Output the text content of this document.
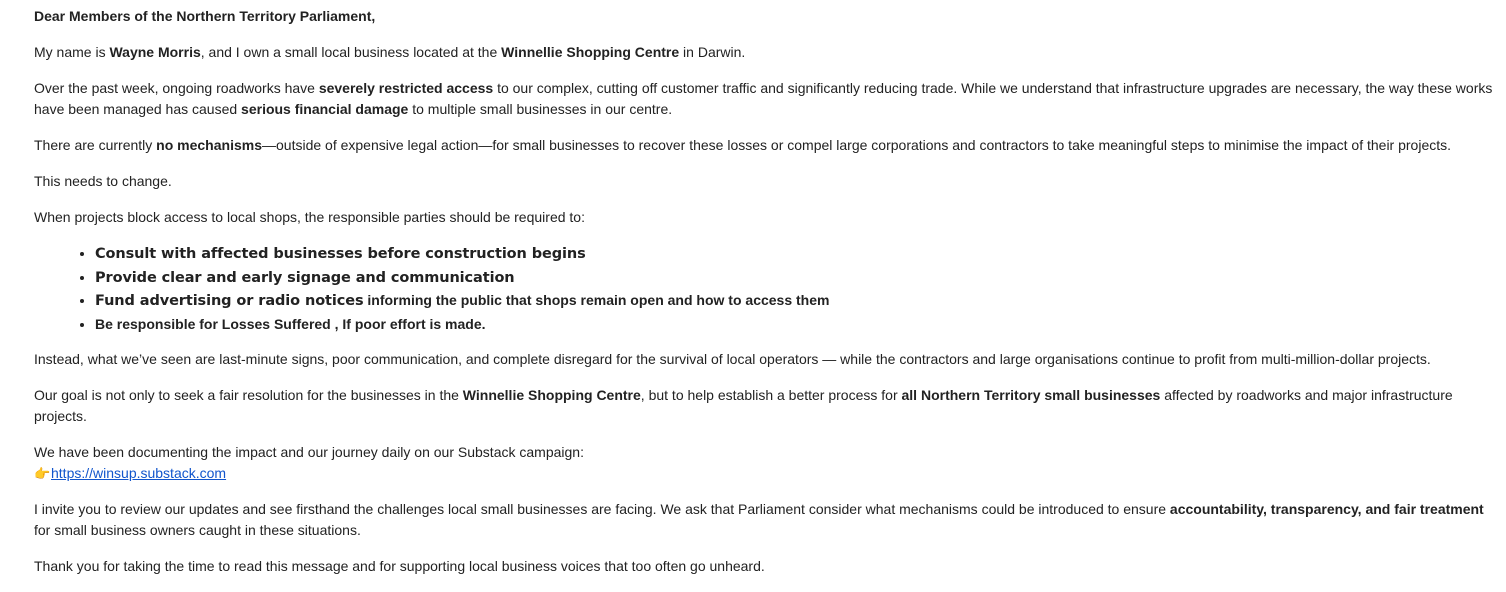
Dear Members of the Northern Territory Parliament,

My name is Wayne Morris, and I own a small local business located at the Winnellie Shopping Centre in Darwin.

Over the past week, ongoing roadworks have severely restricted access to our complex, cutting off customer traffic and significantly reducing trade. While we understand that infrastructure upgrades are necessary, the way these works have been managed has caused serious financial damage to multiple small businesses in our centre.

There are currently no mechanisms—outside of expensive legal action—for small businesses to recover these losses or compel large corporations and contractors to take meaningful steps to minimise the impact of their projects.

This needs to change.

When projects block access to local shops, the responsible parties should be required to:

• Consult with affected businesses before construction begins
• Provide clear and early signage and communication
• Fund advertising or radio notices informing the public that shops remain open and how to access them
• Be responsible for Losses Suffered , If poor effort is made.

Instead, what we’ve seen are last-minute signs, poor communication, and complete disregard for the survival of local operators — while the contractors and large organisations continue to profit from multi-million-dollar projects.

Our goal is not only to seek a fair resolution for the businesses in the Winnellie Shopping Centre, but to help establish a better process for all Northern Territory small businesses affected by roadworks and major infrastructure projects.

We have been documenting the impact and our journey daily on our Substack campaign:
👉https://winsup.substack.com

I invite you to review our updates and see firsthand the challenges local small businesses are facing. We ask that Parliament consider what mechanisms could be introduced to ensure accountability, transparency, and fair treatment for small business owners caught in these situations.

Thank you for taking the time to read this message and for supporting local business voices that too often go unheard.
